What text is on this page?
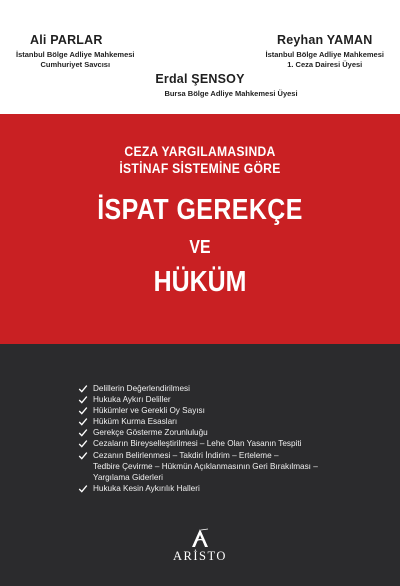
Ali PARLAR
İstanbul Bölge Adliye Mahkemesi
Cumhuriyet Savcısı
Reyhan YAMAN
İstanbul Bölge Adliye Mahkemesi
1. Ceza Dairesi Üyesi
Erdal ŞENSOY
Bursa Bölge Adliye Mahkemesi Üyesi
CEZA YARGILAMASINDA
İSTİNAF SİSTEMİNE GÖRE
İSPAT GEREKÇE
VE
HÜKÜM
Delillerin Değerlendirilmesi
Hukuka Aykırı Deliller
Hükümler ve Gerekli Oy Sayısı
Hüküm Kurma Esasları
Gerekçe Gösterme Zorunluluğu
Cezaların Bireyselleştirilmesi – Lehe Olan Yasanın Tespiti
Cezanın Belirlenmesi – Takdiri İndirim – Erteleme –
Tedbire Çevirme – Hükmün Açıklanmasının Geri Bırakılması –
Yargılama Giderleri
Hukuka Kesin Aykırılık Halleri
ARİSTO
